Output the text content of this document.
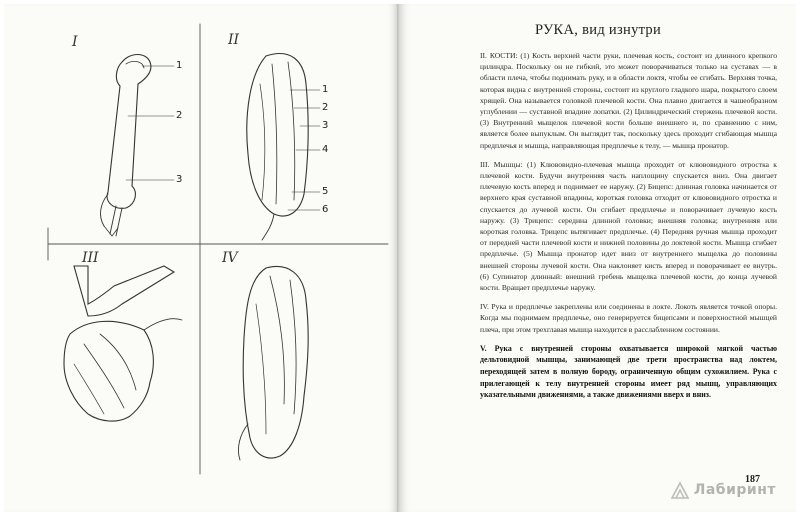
I	II
III	IV
1
2
3
1
2
3
4
5
6
РУКА, вид изнутри

II. КОСТИ: (1) Кость верхней части руки, плечевая кость, состоит из длинного крепкого цилиндра. Поскольку он не гибкий, это может поворачиваться только на суставах — в области плеча, чтобы поднимать руку, и в области локтя, чтобы ее сгибать. Верхняя точка, которая видна с внутренней стороны, состоит из круглого гладкого шара, покрытого слоем хрящей. Она называется головкой плечевой кости. Она плавно двигается в чашеобразном углублении — суставной впадине лопатки. (2) Цилиндрический стержень плечевой кости. (3) Внутренний мыщелок плечевой кости больше внешнего и, по сравнению с ним, является более выпуклым. Он выглядит так, поскольку здесь проходит сгибающая мышца предплечья и мышца, направляющая предплечье к телу, — мышца пронатор.

III. Мышцы: (1) Клювовидно-плечевая мышца проходит от клювовидного отростка к плечевой кости. Будучи внутренняя часть наплощину спускается вниз. Она двигает плечевую кость вперед и поднимает ее наружу. (2) Бицепс: длинная головка начинается от верхнего края суставной впадины, короткая головка отходит от клювовидного отростка и спускается до лучевой кости. Он сгибает предплечье и поворачивает лучевую кость наружу. (3) Трицепс: середина длинной головки; внешняя головка; внутренняя или короткая головка. Трицепс вытягивает предплечье. (4) Передняя ручная мышца проходит от передней части плечевой кости и нижней половины до локтевой кости. Мышца сгибает предплечье. (5) Мышца пронатор идет вниз от внутреннего мыщелка до половины внешней стороны лучевой кости. Она наклоняет кисть вперед и поворачивает ее внутрь. (6) Супинатор длинный: внешний гребень мыщелка плечевой кости, до конца лучевой кости. Вращает предплечье наружу.

IV. Рука и предплечье закреплены или соединены в локте. Локоть является точкой опоры. Когда мы поднимаем предплечье, оно генерируется бицепсами и поверхностной мышцей плеча, при этом трехглавая мышца находится в расслабленном состоянии.

V. Рука с внутренней стороны охватывается широкой мягкой частью дельтовидной мышцы, занимающей две трети пространства над локтем, переходящей затем в полную бороду, ограниченную общим сухожилием. Рука с прилегающей к телу внутренней стороны имеет ряд мышц, управляющих указательными движениями, а также движениями вверх и вниз.

187
Лабиринт
